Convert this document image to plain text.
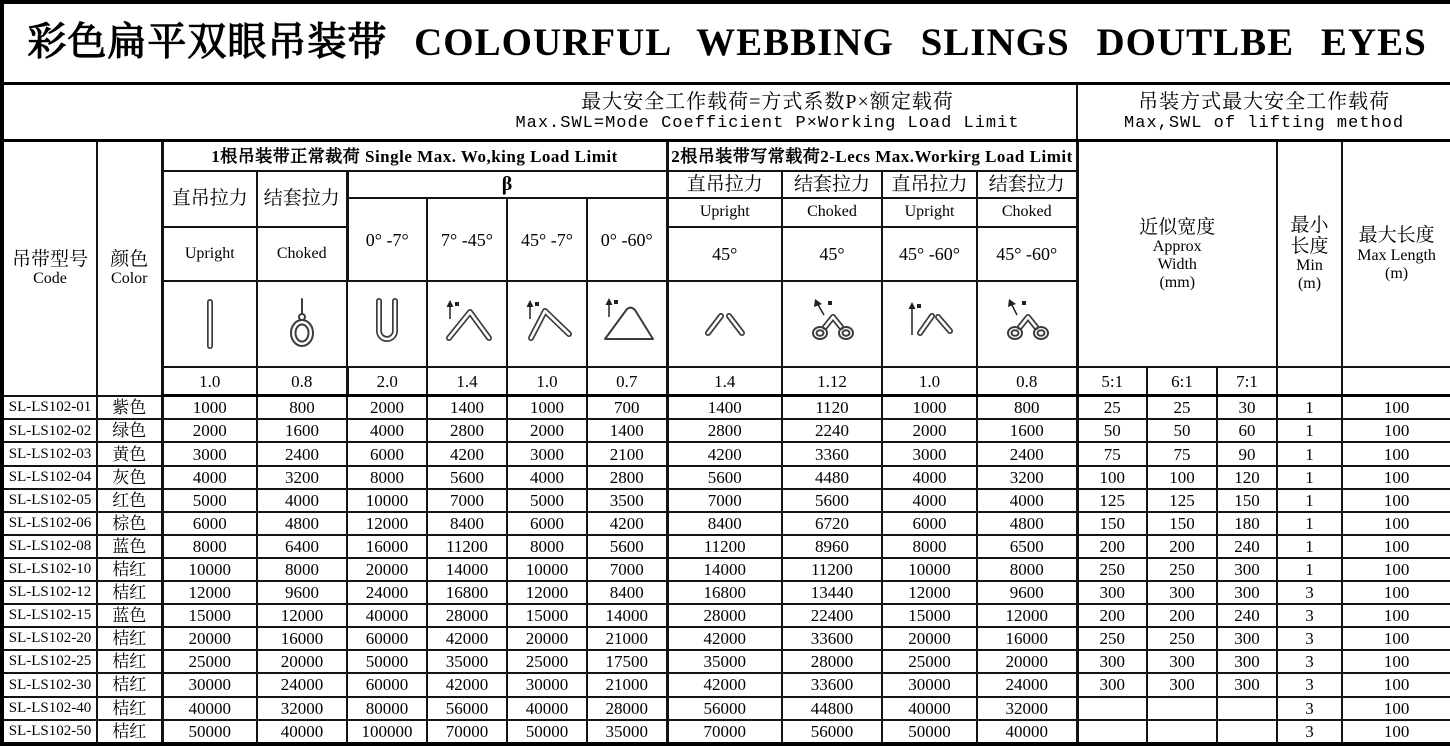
彩色扁平双眼吊装带 COLOURFUL WEBBING SLINGS DOUTLBE EYES																

最大安全工作载荷=方式系数P×额定载荷
Max.SWL=Mode Coefficient P×Working Load Limit

吊装方式最大安全工作载荷
Max,SWL of lifting method

吊带型号
Code

颜色
Color
	1根吊装带正常裁荷 Single Max. Wo,king Load Limit	2根吊装带写常载荷2-Lecs Max.Workirg Load Limit	
近似宽度
Approx
Width
(mm)

最小
长度
Min
(m)

最大长度
Max Length
(m)

		直吊拉力	结套拉力	β				直吊拉力	结套拉力	直吊拉力	结套拉力					
				0° -7°	7° -45°	45° -7°	0° -60°	Upright	Choked	Upright	Choked					
		Upright	Choked					45°	45°	45° -60°	45° -60°					

		1.0	0.8	2.0	1.4	1.0	0.7	1.4	1.12	1.0	0.8	5:1	6:1	7:1		
SL-LS102-01	紫色	1000	800	2000	1400	1000	700	1400	1120	1000	800	25	25	30	1	100
SL-LS102-02	绿色	2000	1600	4000	2800	2000	1400	2800	2240	2000	1600	50	50	60	1	100
SL-LS102-03	黄色	3000	2400	6000	4200	3000	2100	4200	3360	3000	2400	75	75	90	1	100
SL-LS102-04	灰色	4000	3200	8000	5600	4000	2800	5600	4480	4000	3200	100	100	120	1	100
SL-LS102-05	红色	5000	4000	10000	7000	5000	3500	7000	5600	4000	4000	125	125	150	1	100
SL-LS102-06	棕色	6000	4800	12000	8400	6000	4200	8400	6720	6000	4800	150	150	180	1	100
SL-LS102-08	蓝色	8000	6400	16000	11200	8000	5600	11200	8960	8000	6500	200	200	240	1	100
SL-LS102-10	桔红	10000	8000	20000	14000	10000	7000	14000	11200	10000	8000	250	250	300	1	100
SL-LS102-12	桔红	12000	9600	24000	16800	12000	8400	16800	13440	12000	9600	300	300	300	3	100
SL-LS102-15	蓝色	15000	12000	40000	28000	15000	14000	28000	22400	15000	12000	200	200	240	3	100
SL-LS102-20	桔红	20000	16000	60000	42000	20000	21000	42000	33600	20000	16000	250	250	300	3	100
SL-LS102-25	桔红	25000	20000	50000	35000	25000	17500	35000	28000	25000	20000	300	300	300	3	100
SL-LS102-30	桔红	30000	24000	60000	42000	30000	21000	42000	33600	30000	24000	300	300	300	3	100
SL-LS102-40	桔红	40000	32000	80000	56000	40000	28000	56000	44800	40000	32000				3	100
SL-LS102-50	桔红	50000	40000	100000	70000	50000	35000	70000	56000	50000	40000				3	100
